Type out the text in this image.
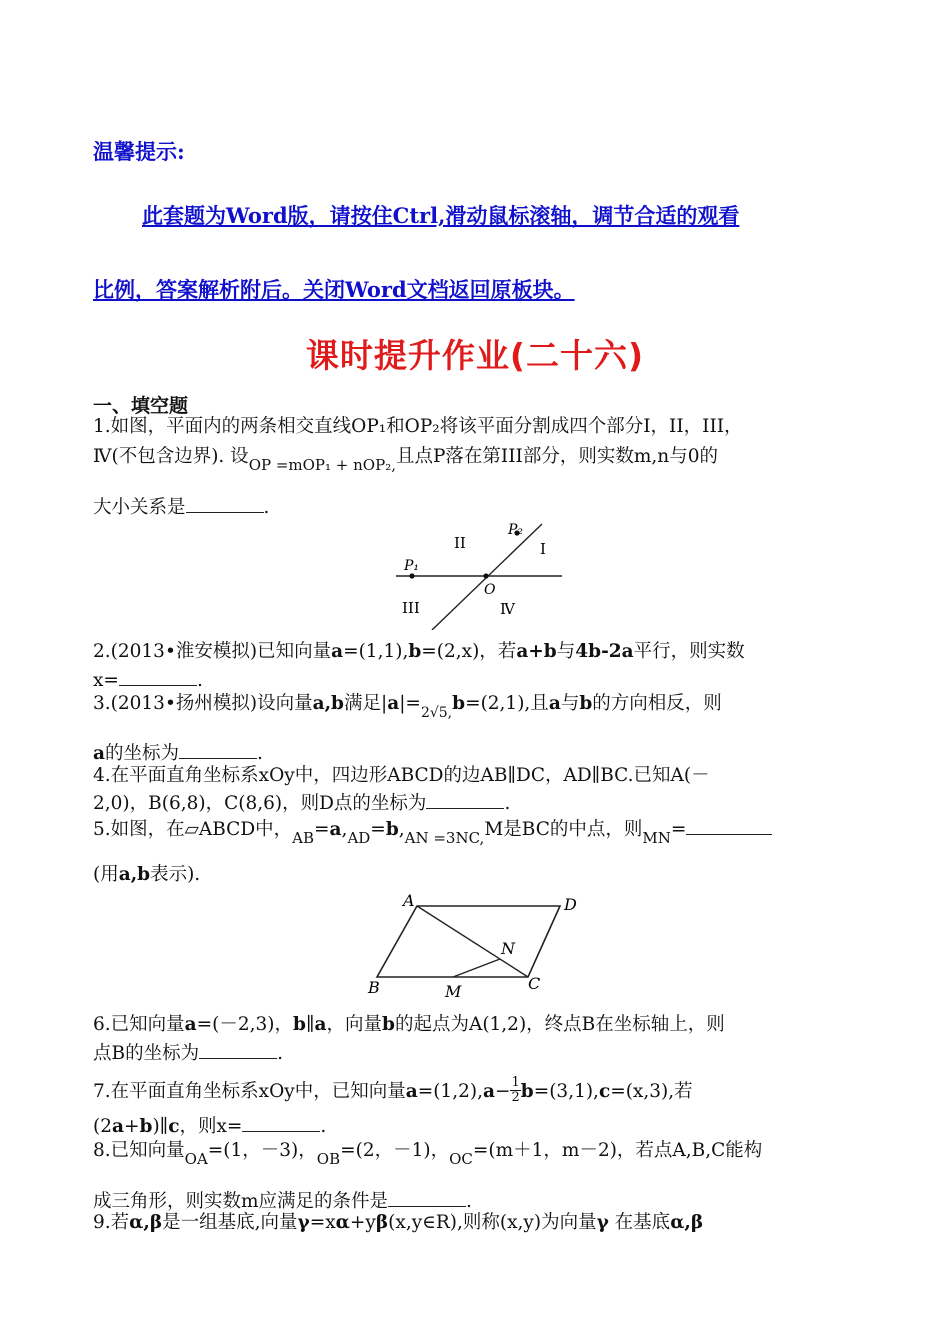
温馨提示:
此套题为Word版，请按住Ctrl,滑动鼠标滚轴，调节合适的观看
比例，答案解析附后。关闭Word文档返回原板块。
课时提升作业(二十六)
一、填空题
1.如图，平面内的两条相交直线OP₁和OP₂将该平面分割成四个部分I，II，III，
Ⅳ(不包含边界). 设$_{OP =mOP_1 + nOP_2,}$且点P落在第III部分，则实数m,n与0的
大小关系是	.
P₂
P₁
O
I
II
III	Ⅳ
2.(2013•淮安模拟)已知向量a=(1,1),b=(2,x)，若a+b与4b-2a平行，则实数
x=	.
3.(2013•扬州模拟)设向量a,b满足$|a|=_{2√5,}b=(2,1)$,且a与b的方向相反，则
a的坐标为	.
4.在平面直角坐标系xOy中，四边形ABCD的边AB∥DC，AD∥BC.已知A(－
2,0)，B(6,8)，C(8,6)，则D点的坐标为	.
5.如图，在▱ABCD中，$_{AB}=a,_{AD}=b,_{AN =3NC,}M$是BC的中点，则$_{MN}$=
(用a,b表示).
A	D
B	C
M
N
6.已知向量a=(－2,3)，b∥a，向量b的起点为A(1,2)，终点B在坐标轴上，则
点B的坐标为	.
7.在平面直角坐标系xOy中，已知向量$a=(1,2),a- \frac{1}{2} b=(3,1),c=(x,3)$,若
(2a+b)∥c，则x=	.
8.已知向量$_{OA}$=(1，－3)，$_{OB}$=(2，－1)，$_{OC}$=(m＋1，m－2)，若点A,B,C能构
成三角形，则实数m应满足的条件是	.
9.若α,β是一组基底,向量γ=xα+yβ(x,y∈R),则称(x,y)为向量γ 在基底α,β
